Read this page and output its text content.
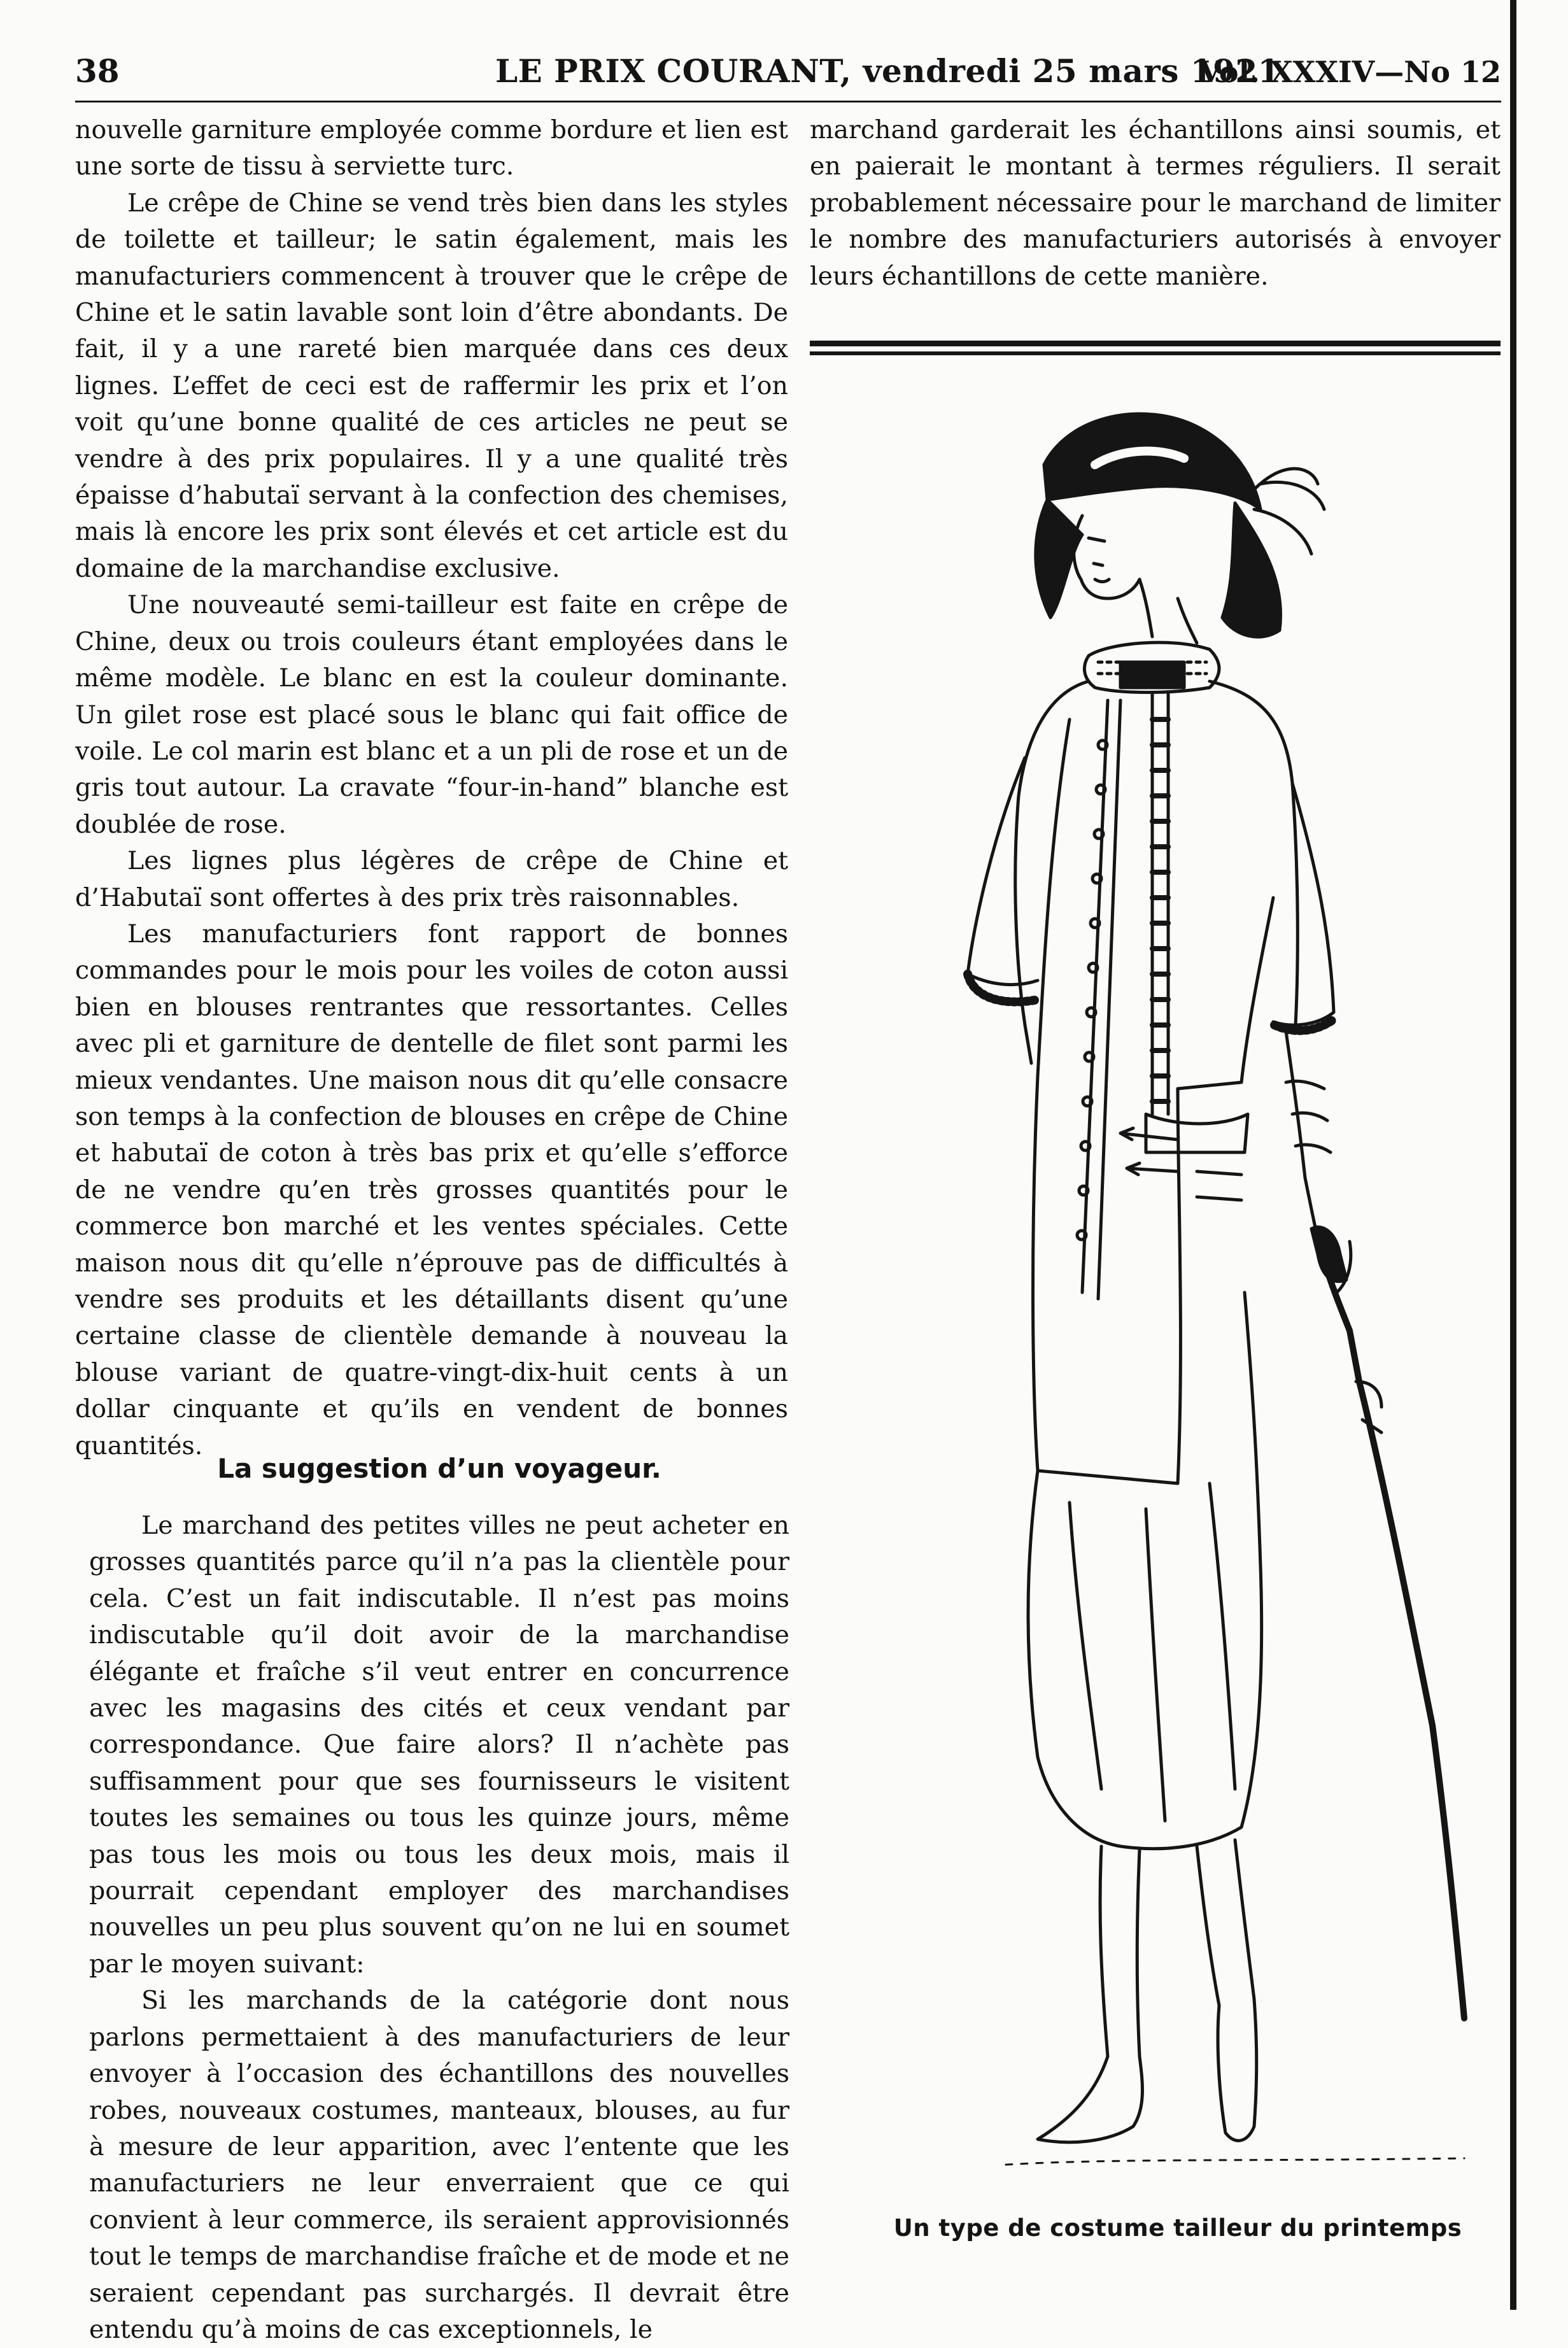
38	LE PRIX COURANT, vendredi 25 mars 1921
Vol. XXXIV—No 12

nouvelle garniture employée comme bordure et lien est une sorte de tissu à serviette turc.

Le crêpe de Chine se vend très bien dans les styles de toilette et tailleur; le satin également, mais les manufacturiers commencent à trouver que le crêpe de Chine et le satin lavable sont loin d’être abondants. De fait, il y a une rareté bien marquée dans ces deux lignes. L’effet de ceci est de raffermir les prix et l’on voit qu’une bonne qualité de ces articles ne peut se vendre à des prix populaires. Il y a une qualité très épaisse d’habutaï servant à la confection des chemises, mais là encore les prix sont élevés et cet article est du domaine de la marchandise exclusive.

Une nouveauté semi-tailleur est faite en crêpe de Chine, deux ou trois couleurs étant employées dans le même modèle. Le blanc en est la couleur dominante. Un gilet rose est placé sous le blanc qui fait office de voile. Le col marin est blanc et a un pli de rose et un de gris tout autour. La cravate “four-in-hand” blanche est doublée de rose.

Les lignes plus légères de crêpe de Chine et d’Habutaï sont offertes à des prix très raisonnables.

Les manufacturiers font rapport de bonnes commandes pour le mois pour les voiles de coton aussi bien en blouses rentrantes que ressortantes. Celles avec pli et garniture de dentelle de filet sont parmi les mieux vendantes. Une maison nous dit qu’elle consacre son temps à la confection de blouses en crêpe de Chine et habutaï de coton à très bas prix et qu’elle s’efforce de ne vendre qu’en très grosses quantités pour le commerce bon marché et les ventes spéciales. Cette maison nous dit qu’elle n’éprouve pas de difficultés à vendre ses produits et les détaillants disent qu’une certaine classe de clientèle demande à nouveau la blouse variant de quatre-vingt-dix-huit cents à un dollar cinquante et qu’ils en vendent de bonnes quantités.

La suggestion d’un voyageur.

Le marchand des petites villes ne peut acheter en grosses quantités parce qu’il n’a pas la clientèle pour cela. C’est un fait indiscutable. Il n’est pas moins indiscutable qu’il doit avoir de la marchandise élégante et fraîche s’il veut entrer en concurrence avec les magasins des cités et ceux vendant par correspondance. Que faire alors? Il n’achète pas suffisamment pour que ses fournisseurs le visitent toutes les semaines ou tous les quinze jours, même pas tous les mois ou tous les deux mois, mais il pourrait cependant employer des marchandises nouvelles un peu plus souvent qu’on ne lui en soumet par le moyen suivant:

Si les marchands de la catégorie dont nous parlons permettaient à des manufacturiers de leur envoyer à l’occasion des échantillons des nouvelles robes, nouveaux costumes, manteaux, blouses, au fur à mesure de leur apparition, avec l’entente que les manufacturiers ne leur enverraient que ce qui convient à leur commerce, ils seraient approvisionnés tout le temps de marchandise fraîche et de mode et ne seraient cependant pas surchargés. Il devrait être entendu qu’à moins de cas exceptionnels, le

marchand garderait les échantillons ainsi soumis, et en paierait le montant à termes réguliers. Il serait probablement nécessaire pour le marchand de limiter le nombre des manufacturiers autorisés à envoyer leurs échantillons de cette manière.

Un type de costume tailleur du printemps
